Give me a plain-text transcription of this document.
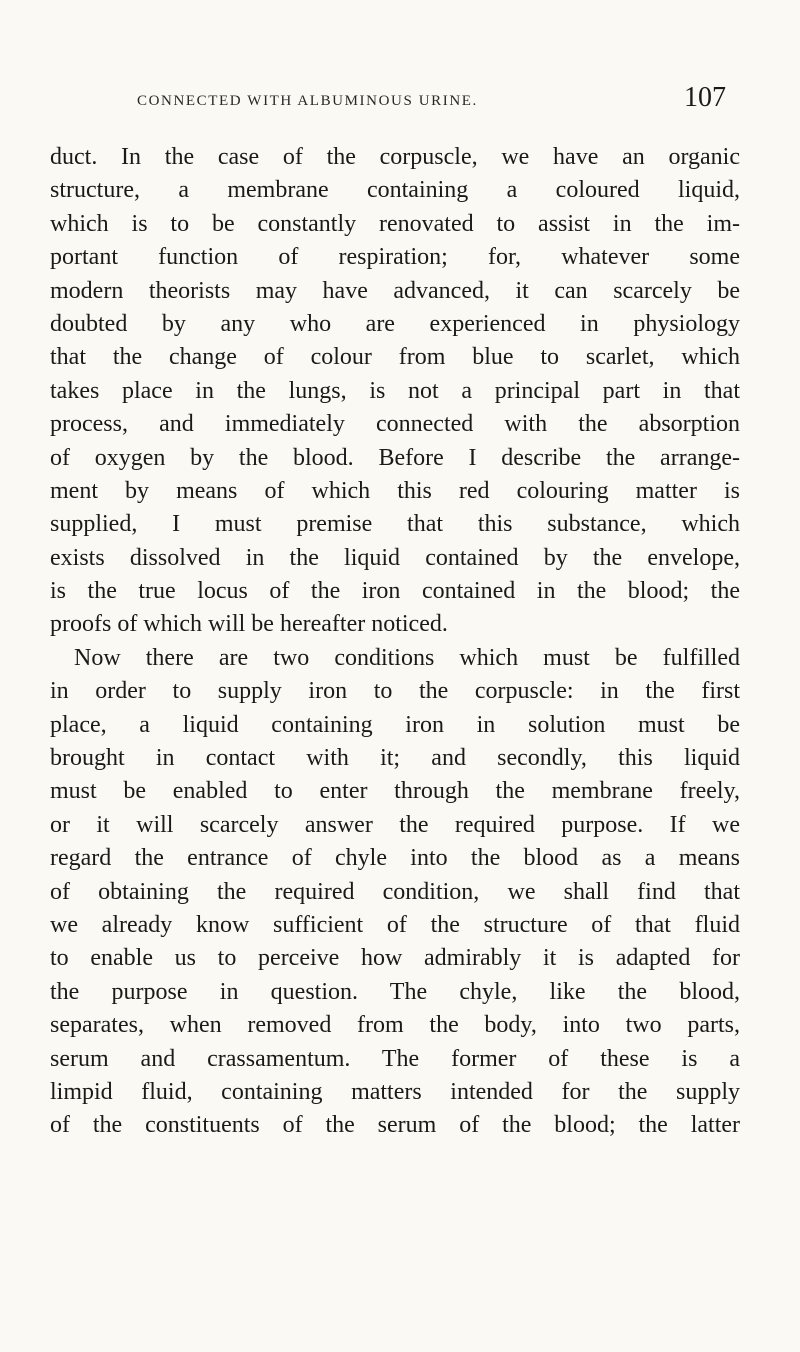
CONNECTED WITH ALBUMINOUS URINE.	107
duct. In the case of the corpuscle, we have an organic
structure, a membrane containing a coloured liquid,
which is to be constantly renovated to assist in the im-
portant function of respiration; for, whatever some
modern theorists may have advanced, it can scarcely be
doubted by any who are experienced in physiology
that the change of colour from blue to scarlet, which
takes place in the lungs, is not a principal part in that
process, and immediately connected with the absorption
of oxygen by the blood. Before I describe the arrange-
ment by means of which this red colouring matter is
supplied, I must premise that this substance, which
exists dissolved in the liquid contained by the envelope,
is the true locus of the iron contained in the blood; the
proofs of which will be hereafter noticed.
Now there are two conditions which must be fulfilled
in order to supply iron to the corpuscle: in the first
place, a liquid containing iron in solution must be
brought in contact with it; and secondly, this liquid
must be enabled to enter through the membrane freely,
or it will scarcely answer the required purpose. If we
regard the entrance of chyle into the blood as a means
of obtaining the required condition, we shall find that
we already know sufficient of the structure of that fluid
to enable us to perceive how admirably it is adapted for
the purpose in question. The chyle, like the blood,
separates, when removed from the body, into two parts,
serum and crassamentum. The former of these is a
limpid fluid, containing matters intended for the supply
of the constituents of the serum of the blood; the latter
